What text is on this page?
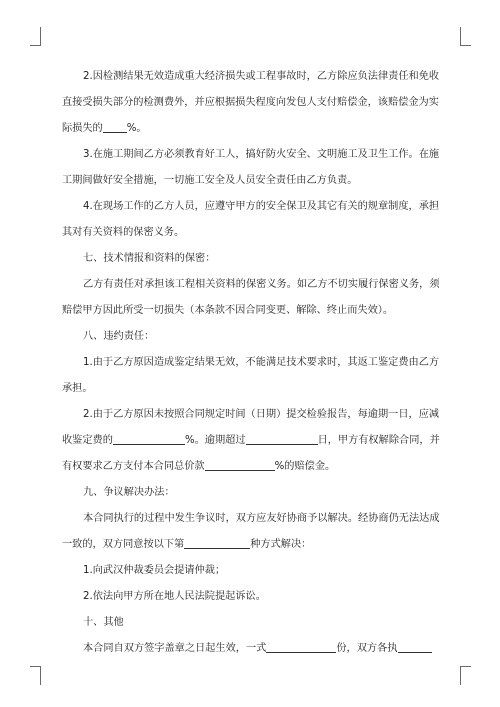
2.因检测结果无效造成重大经济损失或工程事故时，乙方除应负法律责任和免收直接受损失部分的检测费外，并应根据损失程度向发包人支付赔偿金，该赔偿金为实际损失的 %。

3.在施工期间乙方必须教育好工人，搞好防火安全、文明施工及卫生工作。在施工期间做好安全措施，一切施工安全及人员安全责任由乙方负责。

4.在现场工作的乙方人员，应遵守甲方的安全保卫及其它有关的规章制度，承担其对有关资料的保密义务。

七、技术情报和资料的保密：

乙方有责任对承担该工程相关资料的保密义务。如乙方不切实履行保密义务，须赔偿甲方因此所受一切损失（本条款不因合同变更、解除、终止而失效）。

八、违约责任：

1.由于乙方原因造成鉴定结果无效，不能满足技术要求时，其返工鉴定费由乙方承担。

2.由于乙方原因未按照合同规定时间（日期）提交检验报告，每逾期一日，应减收鉴定费的	%。逾期超过	日，甲方有权解除合同，并有权要求乙方支付本合同总价款	%的赔偿金。

九、争议解决办法：

本合同执行的过程中发生争议时，双方应友好协商予以解决。经协商仍无法达成一致的，双方同意按以下第	种方式解决：

1.向武汉仲裁委员会提请仲裁；

2.依法向甲方所在地人民法院提起诉讼。

十、其他

本合同自双方签字盖章之日起生效，一式	份，双方各执
